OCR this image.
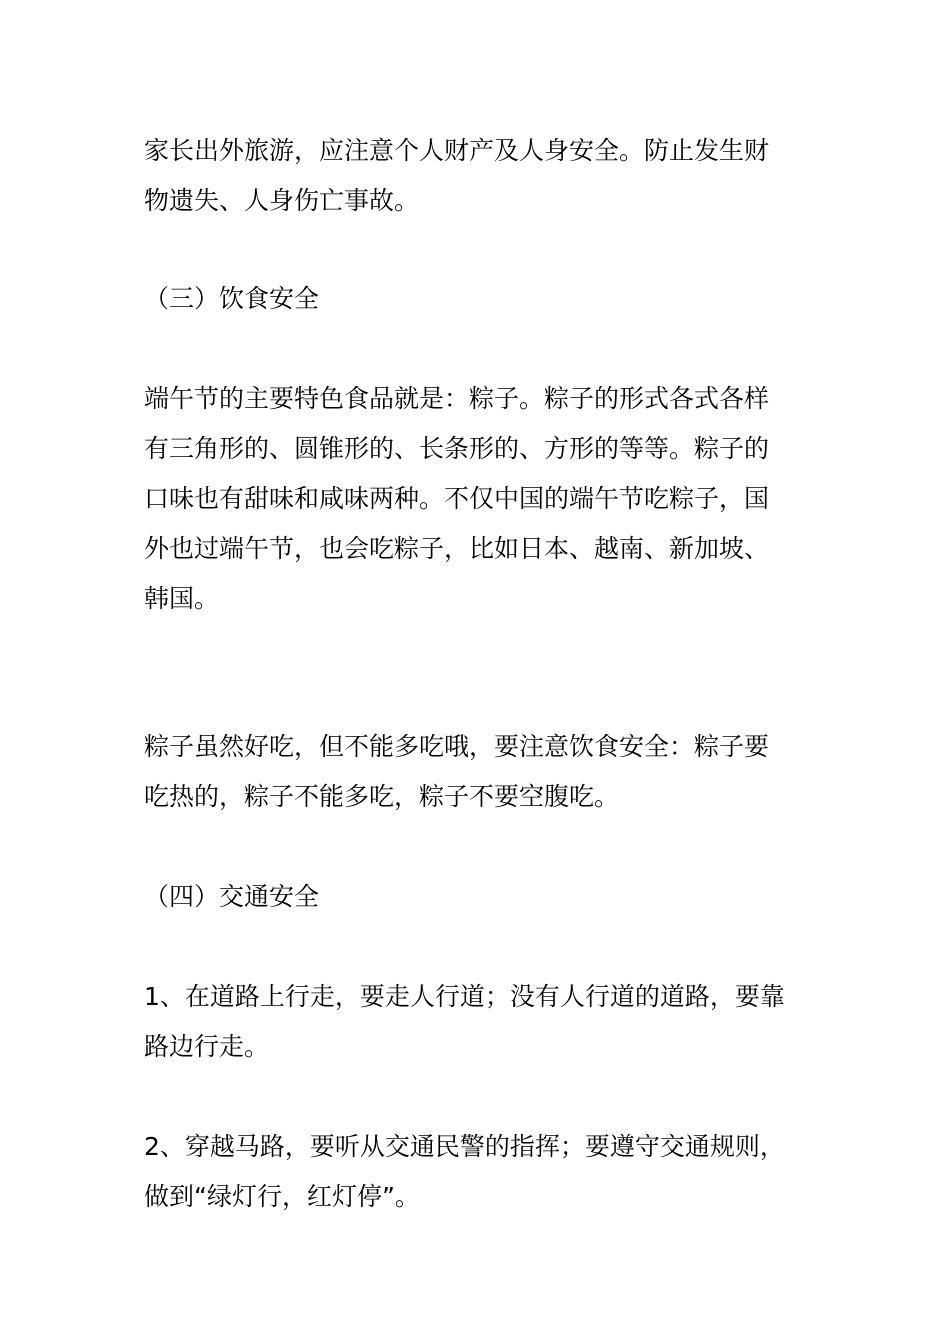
家长出外旅游，应注意个人财产及人身安全。防止发生财
物遗失、人身伤亡事故。

（三）饮食安全

端午节的主要特色食品就是：粽子。粽子的形式各式各样
有三角形的、圆锥形的、长条形的、方形的等等。粽子的
口味也有甜味和咸味两种。不仅中国的端午节吃粽子，国
外也过端午节，也会吃粽子，比如日本、越南、新加坡、
韩国。

粽子虽然好吃，但不能多吃哦，要注意饮食安全：粽子要
吃热的，粽子不能多吃，粽子不要空腹吃。

（四）交通安全

1、在道路上行走，要走人行道；没有人行道的道路，要靠
路边行走。

2、穿越马路，要听从交通民警的指挥；要遵守交通规则，
做到“绿灯行，红灯停”。
